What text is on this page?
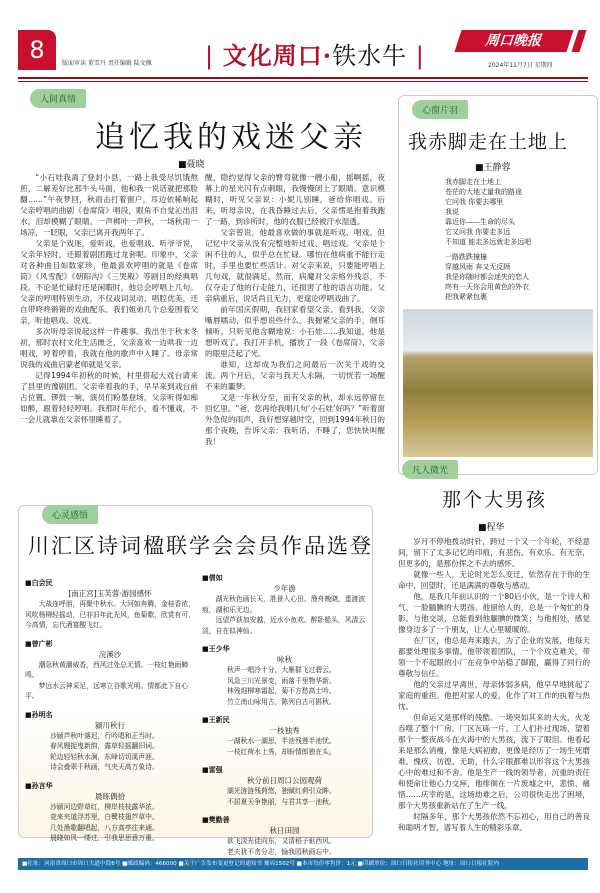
8	版面审读 董雪丹 责任编辑 陆文佩 | 文化周口·铁水牛 |
周口晚报
2024年11月7日 星期四
人间真情
追忆我的戏迷父亲
■聂晓

“小石娃我离了登封小县，一路上我受尽饥饿熬煎，二解差好比那牛头马面，他和我一说话就把那脸翻……”午夜梦回，秋雨击打着窗户，耳边依稀响起父亲哼唱的曲剧《卷席筒》唱段，眼角不自觉沁出泪水，泪却模糊了眼睛。一声梆叶一声秋，一场秋雨一场凉，一眨眼，父亲已离开我两年了。

父亲是个戏迷，爱听戏，也爱唱戏。听爷爷说，父亲年轻时，还跟着剧团跑过龙套呢。印象中，父亲对各种曲目如数家珍，他最喜欢哼唱的就是《卷席筒》《风雪配》《朝阳沟》《三哭殿》等剧目的经典唱段。不论是忙碌时还是闲暇时，他总会哼唱上几句。父亲的哼唱特别生动，不仅戏词灵动、唱腔优美，还自带咚咚锵锵的戏曲配乐。我们姐弟几个总爱围着父亲，听他唱戏、说戏。

多次听母亲说起这样一件趣事。我出生于秋末冬初，那时农村文化生活匮乏，父亲喜欢一边哄我一边唱戏，哼着哼着，我就在他的歌声中入睡了。母亲常说我的戏曲启蒙老师就是父亲。

记得1994年初秋的时候，村里搭起大戏台请来了县里的豫剧团。父亲牵着我的手，早早来到戏台前占位置。锣鼓一响，演员们粉墨登场，父亲听得如痴如醉，跟着轻轻哼唱。我那时年纪小，看不懂戏，不一会儿就靠在父亲怀里睡着了。

醒，隐约觉得父亲的臂弯就像一艘小船，摇啊摇，夜幕上的星光闪有点刺眼，我慢慢闭上了眼睛。意识模糊时，听见父亲说：小妮儿别睡，爸给你唱戏。后来，听母亲说，在我昏睡过去后，父亲愣是抱着我跑了一路，到诊所时，他的衣服已经被汗水湿透。

父亲曾说，他最喜欢做的事就是听戏、唱戏。但记忆中父亲从没有完整地听过戏、唱过戏。父亲是个闲不住的人，似乎总在忙碌。哪怕在他病重不能行走时，手里也要忙些活计。对父亲来说，只要能哼唱上几句戏，就很满足。然而，病魔对父亲格外残忍，不仅夺走了他的行走能力，还损害了他的语言功能。父亲病重后，说话尚且无力，更遑论哼唱戏曲了。

前年国庆假期，我回家看望父亲。看到我，父亲嘴唇嚅动，似乎想说些什么。我握紧父亲的手，侧耳倾听，只听见他含糊地说：小石娃……我知道，他是想听戏了。我打开手机，播放了一段《卷席筒》，父亲的眼里泛起了光。

谁知，这却成为我们之间最后一次关于戏的交流。两个月后，父亲与我天人永隔，一切恍若一场醒不来的噩梦。

又是一年秋分至，而有父亲的秋，却永远停留在回忆里。“爸，您再给我唱几句‘小石娃’好吗？”听着窗外急促的雨声，我好想穿越时空，回到1994年秋日的那个夜晚，告诉父亲：我听话，不睡了，您快快叫醒我！

心窗片羽
我赤脚走在土地上
■王静蓉
我赤脚走在土地上
苍茫的大地丈量我的路途
它问我 你要去哪里
我说
靠近你——生命的尽头
它又问我 你要走多远
不知道 能走多远就走多远吧
一路跌跌撞撞
穿越风雨 奔又无反顾
我是你随时都会迷失的恋人
终有一天你会用黄色的外衣
把我紧紧包裹
凡人微光
那个大男孩
■程华

岁月不停地拨动时针，跨过一个又一个年轮，不经意间，留下了太多记忆的印痕，有悲伤、有欢乐、有无奈，但更多的，是那份挥之不去的感怀。

就像一些人，无论时光怎么变迁，依然存在于你的生命中，回望时，还是满满的尊敬与感动。

他，是我几年前认识的一个80后小伙，是一个诗人和气、一脸腼腆的大男孩。他留给人的，总是一个匆忙的身影。与他交谈，总能看到他腼腆的微笑；与他相处，感觉像身边多了一个朋友，让人心里暖暖的。

在厂区，他总是奔来跑去，为了企业的发展，他每天都要处理很多事情。他带领着团队，一个个攻克难关，带领一个不起眼的小厂在竞争中站稳了脚跟，赢得了同行的尊敬与信任。

他的父亲过早离世，母亲体弱多病，他早早地挑起了家庭的重担。他把对家人的爱，化作了对工作的执着与热忱。

但命运又是那样的残酷。一场突如其来的大火，火龙吞噬了整个厂房，厂区瓦砾一片。工人们扑过现场，望着那个一整夜战斗在火海中的大男孩，流下了眼泪。他看起来是那么消瘦，像是大病初愈，更像是经历了一场生死磨难。愧疚、彷徨、无助，什么字眼都难以形容这个大男孩心中的难过和不舍。他是生产一线的领导者，沉重的责任和使命让他心力交瘁，他徘徊在一片废墟之中，悲愤、痛惜……庆幸的是，这场劫难之后，公司很快走出了困境，那个大男孩重新站在了生产一线。

时隔多年，那个大男孩依然不忘初心，用自己的善良和聪明才智，谱写着人生的精彩乐章。

心灵感悟
川汇区诗词楹联学会会员作品选登
■白会民
[南正宫]玉芙蓉·游园感怀
大战连呼朋，再聚中秋水。大河如奔腾，金桂香浓，风吹杨柳轻摇动，已非旧年此光风，鱼菊歌，欣赏有可，今高情，忘代酒宴酸飞红。
■曾广彬
浣溪沙
潮急秋黄潮威香，西风过处总无情。一枝红艳雨蝉鸣。
梦远水云神采足，远寒立谷歌光明。情都此下自心平。
■孙明名
颍川秋行
沙颍芦秋叶落迟，行吟唱和正当时。
春风嫂捉曳新韵，露草轻摇翻旧词。
轮边轻轻秋水涧，东峰切切溪声涯。
诗会叠翠千秋画，气夹天高万象诗。
■孙言华
晨练偶拾
沙颍河边野草红，柳岸枝枝露华浓。
竞来夹道浮苏里，白鹭枝翅芦草中。
几处渔歌翻唱起，八方高亭往来通。
晨晓如风一缕过，引我思思意万重。
■倩如
少年游
湖光秋色画长天，胜景入心田。渔舟晚晓，蛋渡波痕，湖和乐无边。
远望芦荻加安越，近水小鱼欢。醉卧船头，风清云淡，自在似神仙。
■王少华
咏秋
秋声一唱冷十分，大雁群飞过碧云。
风急三川光景变，雨落千里物华新。
林残细柳寒霜起，菊不方愁高士吟。
竹立南山咏用古，陈列自古可斟秋。
■王新民
一枝独秀
一湖秋水一湖思，半池残莲半池忧。
一枝红荷水上秀，却盼情郎独在头。
■雷强
秋分前日周口公园观荷
湖光涟涟残荷悠，独赋红荷引众眸。
不屈夏天争艳丽，与君共享一池秋。
■樊勤善
秋日田园
欲飞淡光徒向东，又清稻子驱西风。
老夫犹不贪分志，愉我园秋画忘中。
■社址：河南省周口市周口大道中段6号 ■邮政编码：466000 ■关于广告发布变更登记的通知书 豫周1502号 ■本市每份零售价：1元 ■印刷单位：周口日报社印务中心 地址：周口日报社院内
